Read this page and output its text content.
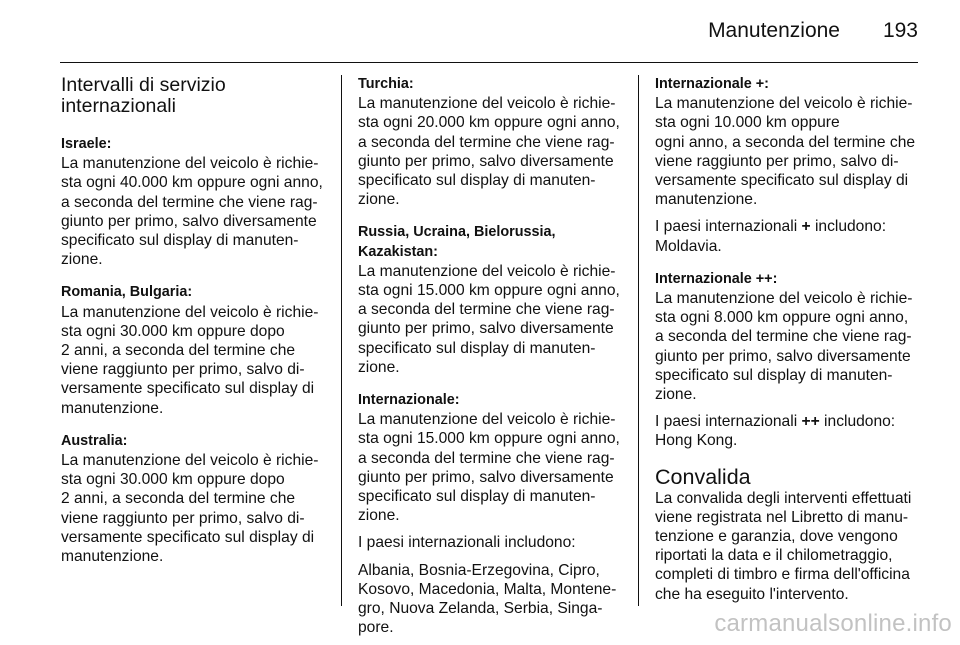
Manutenzione 193
Intervalli di servizio
internazionali
Israele:
La manutenzione del veicolo è richie-
sta ogni 40.000 km oppure ogni anno,
a seconda del termine che viene rag-
giunto per primo, salvo diversamente
specificato sul display di manuten-
zione.
Romania, Bulgaria:
La manutenzione del veicolo è richie-
sta ogni 30.000 km oppure dopo
2 anni, a seconda del termine che
viene raggiunto per primo, salvo di-
versamente specificato sul display di
manutenzione.
Australia:
La manutenzione del veicolo è richie-
sta ogni 30.000 km oppure dopo
2 anni, a seconda del termine che
viene raggiunto per primo, salvo di-
versamente specificato sul display di
manutenzione.
Turchia:
La manutenzione del veicolo è richie-
sta ogni 20.000 km oppure ogni anno,
a seconda del termine che viene rag-
giunto per primo, salvo diversamente
specificato sul display di manuten-
zione.
Russia, Ucraina, Bielorussia,
Kazakistan:
La manutenzione del veicolo è richie-
sta ogni 15.000 km oppure ogni anno,
a seconda del termine che viene rag-
giunto per primo, salvo diversamente
specificato sul display di manuten-
zione.
Internazionale:
La manutenzione del veicolo è richie-
sta ogni 15.000 km oppure ogni anno,
a seconda del termine che viene rag-
giunto per primo, salvo diversamente
specificato sul display di manuten-
zione.
I paesi internazionali includono:
Albania, Bosnia-Erzegovina, Cipro,
Kosovo, Macedonia, Malta, Montene-
gro, Nuova Zelanda, Serbia, Singa-
pore.
Internazionale +:
La manutenzione del veicolo è richie-
sta ogni 10.000 km oppure
ogni anno, a seconda del termine che
viene raggiunto per primo, salvo di-
versamente specificato sul display di
manutenzione.
I paesi internazionali + includono:
Moldavia.
Internazionale ++:
La manutenzione del veicolo è richie-
sta ogni 8.000 km oppure ogni anno,
a seconda del termine che viene rag-
giunto per primo, salvo diversamente
specificato sul display di manuten-
zione.
I paesi internazionali ++ includono:
Hong Kong.
Convalida
La convalida degli interventi effettuati
viene registrata nel Libretto di manu-
tenzione e garanzia, dove vengono
riportati la data e il chilometraggio,
completi di timbro e firma dell'officina
che ha eseguito l'intervento.
carmanualsonline.info
